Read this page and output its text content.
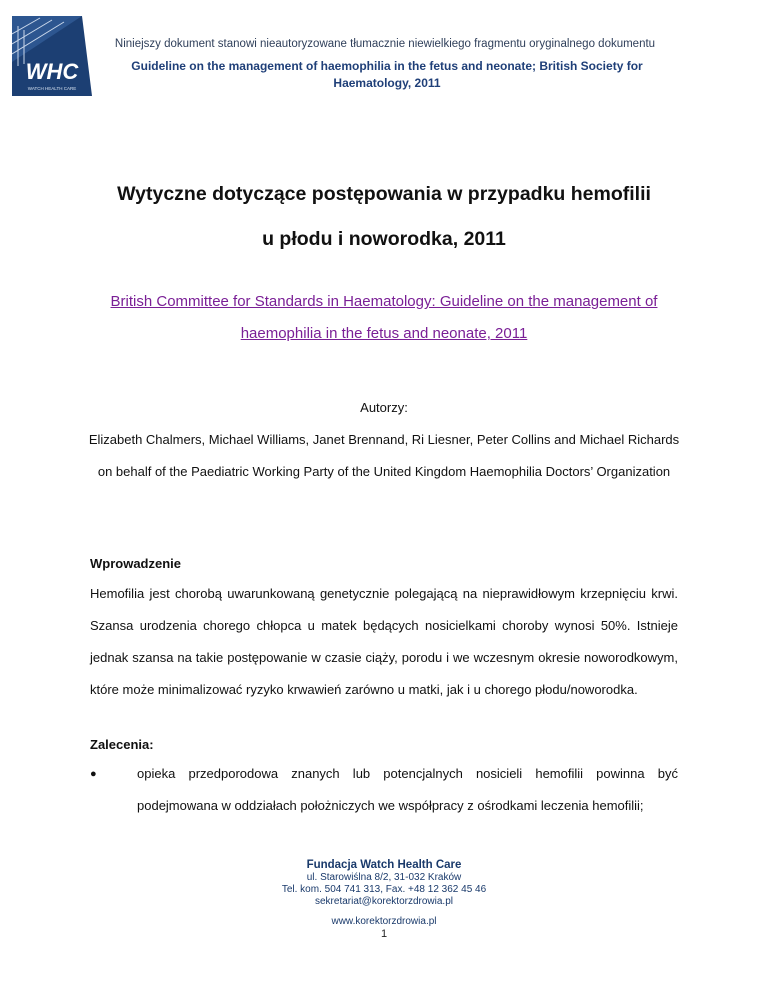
WHC
WATCH HEALTH CARE
Niniejszy dokument stanowi nieautoryzowane tłumacznie niewielkiego fragmentu oryginalnego dokumentu
Guideline on the management of haemophilia in the fetus and neonate; British Society for Haematology, 2011
Wytyczne dotyczące postępowania w przypadku hemofilii
u płodu i noworodka, 2011
British Committee for Standards in Haematology: Guideline on the management of haemophilia in the fetus and neonate, 2011
Autorzy:
Elizabeth Chalmers, Michael Williams, Janet Brennand, Ri Liesner, Peter Collins and Michael Richards on behalf of the Paediatric Working Party of the United Kingdom Haemophilia Doctors’ Organization
Wprowadzenie
Hemofilia jest chorobą uwarunkowaną genetycznie polegającą na nieprawidłowym krzepnięciu krwi. Szansa urodzenia chorego chłopca u matek będących nosicielkami choroby wynosi 50%. Istnieje jednak szansa na takie postępowanie w czasie ciąży, porodu i we wczesnym okresie noworodkowym, które może minimalizować ryzyko krwawień zarówno u matki, jak i u chorego płodu/noworodka.
Zalecenia:
●	opieka przedporodowa znanych lub potencjalnych nosicieli hemofilii powinna być podejmowana w oddziałach położniczych we współpracy z ośrodkami leczenia hemofilii;
Fundacja Watch Health Care
ul. Starowiślna 8/2, 31-032 Kraków
Tel. kom. 504 741 313, Fax. +48 12 362 45 46
sekretariat@korektorzdrowia.pl
www.korektorzdrowia.pl
1
